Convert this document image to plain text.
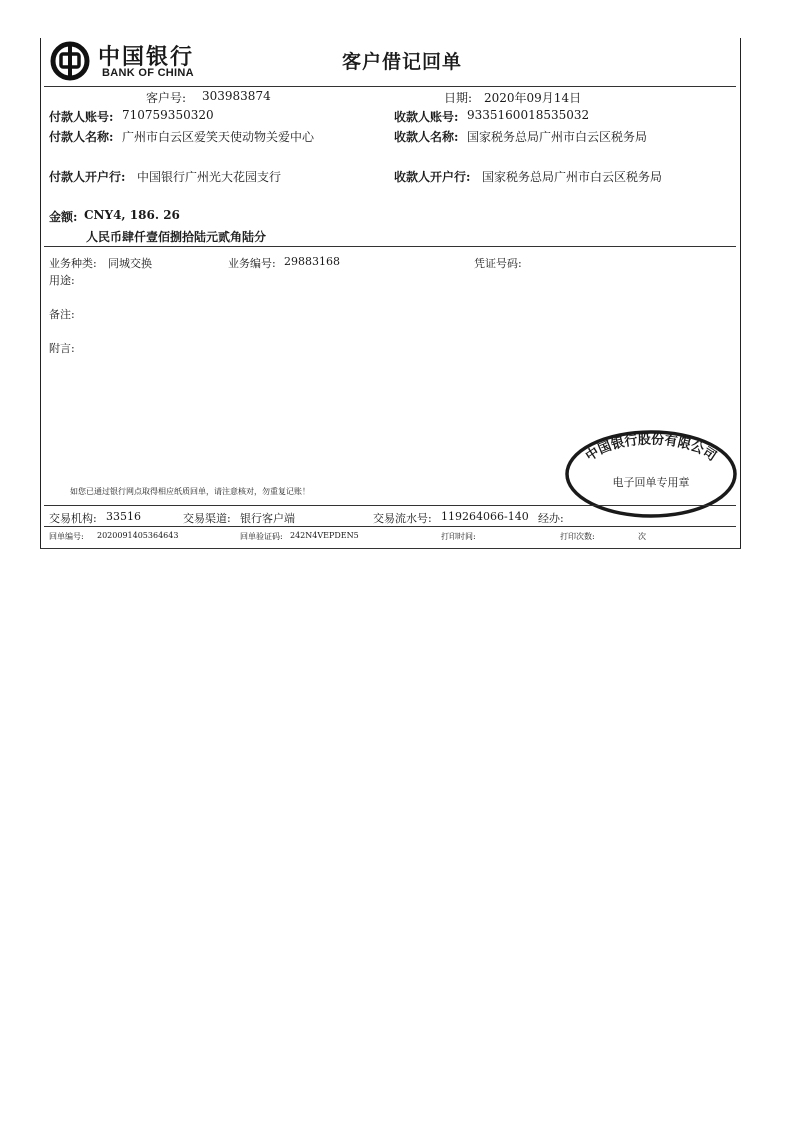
中国银行
BANK OF CHINA	客户借记回单
客户号: 303983874	日期: 2020年09月14日
付款人账号: 710759350320	收款人账号: 9335160018535032
付款人名称: 广州市白云区爱笑天使动物关爱中心	收款人名称: 国家税务总局广州市白云区税务局
付款人开户行: 中国银行广州光大花园支行	收款人开户行: 国家税务总局广州市白云区税务局
金额: CNY4, 186. 26
人民币肆仟壹佰捌拾陆元贰角陆分
业务种类: 同城交换	业务编号: 29883168	凭证号码:
用途:
备注:
附言:
中国银行股份有限公司
电子回单专用章
如您已通过银行网点取得相应纸质回单，请注意核对，勿重复记账！
交易机构: 33516	交易渠道: 银行客户端	交易流水号: 119264066-140 经办:
回单编号: 2020091405364643	回单验证码: 242N4VEPDEN5	打印时间:	打印次数:	次
